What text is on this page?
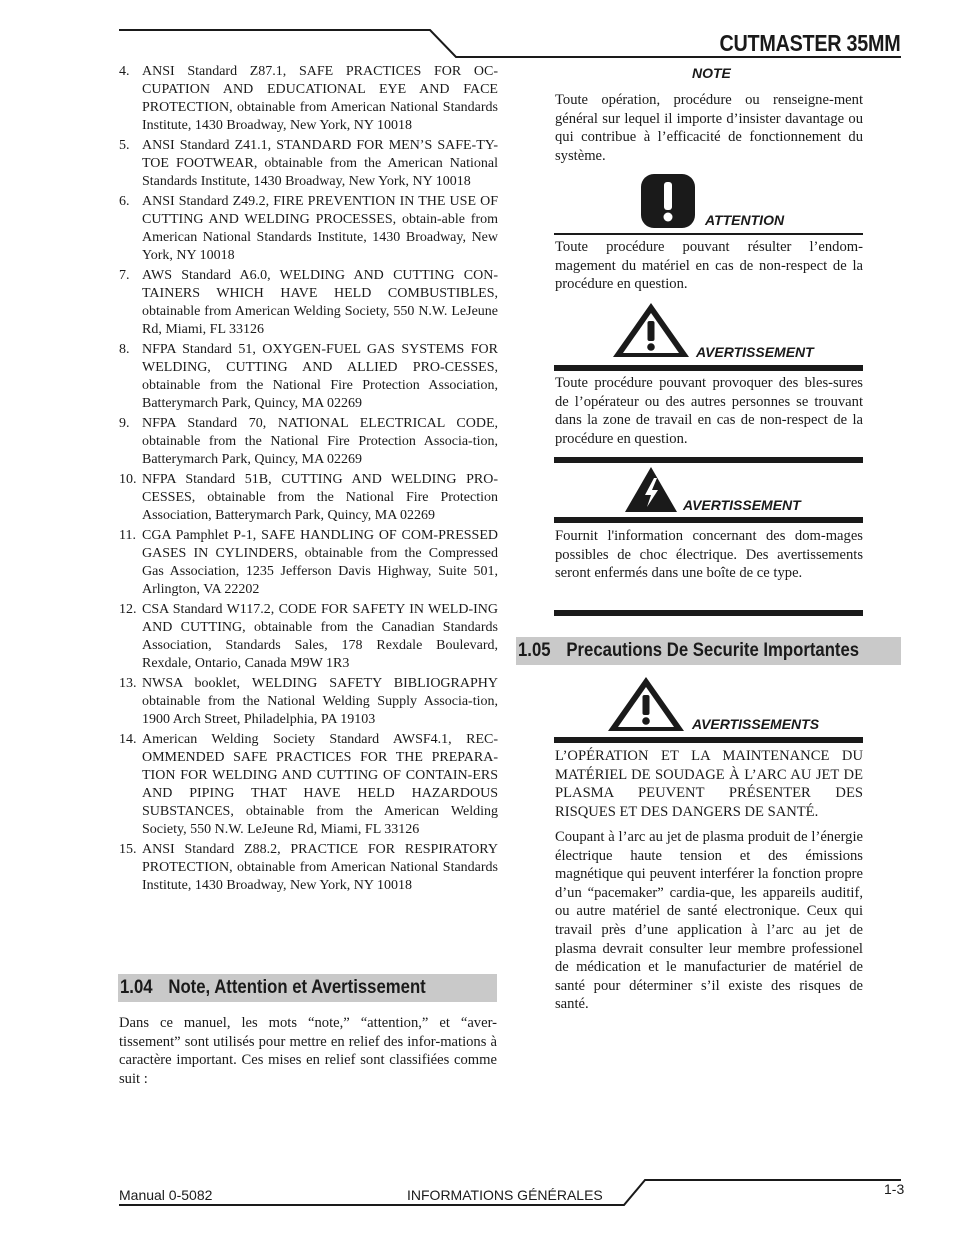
CUTMASTER 35MM
4. ANSI Standard Z87.1, SAFE PRACTICES FOR OC-CUPATION AND EDUCATIONAL EYE AND FACE PROTECTION, obtainable from American National Standards Institute, 1430 Broadway, New York, NY 10018
5. ANSI Standard Z41.1, STANDARD FOR MEN’S SAFE-TY-TOE FOOTWEAR, obtainable from the American National Standards Institute, 1430 Broadway, New York, NY 10018
6. ANSI Standard Z49.2, FIRE PREVENTION IN THE USE OF CUTTING AND WELDING PROCESSES, obtain-able from American National Standards Institute, 1430 Broadway, New York, NY 10018
7. AWS Standard A6.0, WELDING AND CUTTING CON-TAINERS WHICH HAVE HELD COMBUSTIBLES, obtainable from American Welding Society, 550 N.W. LeJeune Rd, Miami, FL 33126
8. NFPA Standard 51, OXYGEN-FUEL GAS SYSTEMS FOR WELDING, CUTTING AND ALLIED PRO-CESSES, obtainable from the National Fire Protection Association, Batterymarch Park, Quincy, MA 02269
9. NFPA Standard 70, NATIONAL ELECTRICAL CODE, obtainable from the National Fire Protection Associa-tion, Batterymarch Park, Quincy, MA 02269
10. NFPA Standard 51B, CUTTING AND WELDING PRO-CESSES, obtainable from the National Fire Protection Association, Batterymarch Park, Quincy, MA 02269
11. CGA Pamphlet P-1, SAFE HANDLING OF COM-PRESSED GASES IN CYLINDERS, obtainable from the Compressed Gas Association, 1235 Jefferson Davis Highway, Suite 501, Arlington, VA 22202
12. CSA Standard W117.2, CODE FOR SAFETY IN WELD-ING AND CUTTING, obtainable from the Canadian Standards Association, Standards Sales, 178 Rexdale Boulevard, Rexdale, Ontario, Canada M9W 1R3
13. NWSA booklet, WELDING SAFETY BIBLIOGRAPHY obtainable from the National Welding Supply Associa-tion, 1900 Arch Street, Philadelphia, PA 19103
14. American Welding Society Standard AWSF4.1, REC-OMMENDED SAFE PRACTICES FOR THE PREPARA-TION FOR WELDING AND CUTTING OF CONTAIN-ERS AND PIPING THAT HAVE HELD HAZARDOUS SUBSTANCES, obtainable from the American Welding Society, 550 N.W. LeJeune Rd, Miami, FL 33126
15. ANSI Standard Z88.2, PRACTICE FOR RESPIRATORY PROTECTION, obtainable from American National Standards Institute, 1430 Broadway, New York, NY 10018
1.04 Note, Attention et Avertissement
Dans ce manuel, les mots “note,” “attention,” et “aver-tissement” sont utilisés pour mettre en relief des infor-mations à caractère important. Ces mises en relief sont classifiées comme suit :
NOTE
Toute opération, procédure ou renseigne-ment général sur lequel il importe d’insister davantage ou qui contribue à l’efficacité de fonctionnement du système.
ATTENTION
Toute procédure pouvant résulter l’endom-magement du matériel en cas de non-respect de la procédure en question.
AVERTISSEMENT
Toute procédure pouvant provoquer des bles-sures de l’opérateur ou des autres personnes se trouvant dans la zone de travail en cas de non-respect de la procédure en question.
AVERTISSEMENT
Fournit l'information concernant des dom-mages possibles de choc électrique. Des avertissements seront enfermés dans une boîte de ce type.
1.05 Precautions De Securite Importantes
AVERTISSEMENTS
L’OPÉRATION ET LA MAINTENANCE DU MATÉRIEL DE SOUDAGE À L’ARC AU JET DE PLASMA PEUVENT PRÉSENTER DES RISQUES ET DES DANGERS DE SANTÉ.
Coupant à l’arc au jet de plasma produit de l’énergie électrique haute tension et des émissions magnétique qui peuvent interférer la fonction propre d’un “pacemaker” cardia-que, les appareils auditif, ou autre matériel de santé electronique. Ceux qui travail près d’une application à l’arc au jet de plasma devrait consulter leur membre professionel de médication et le manufacturier de matériel de santé pour déterminer s’il existe des risques de santé.
Manual 0-5082	INFORMATIONS GÉNÉRALES	1-3
